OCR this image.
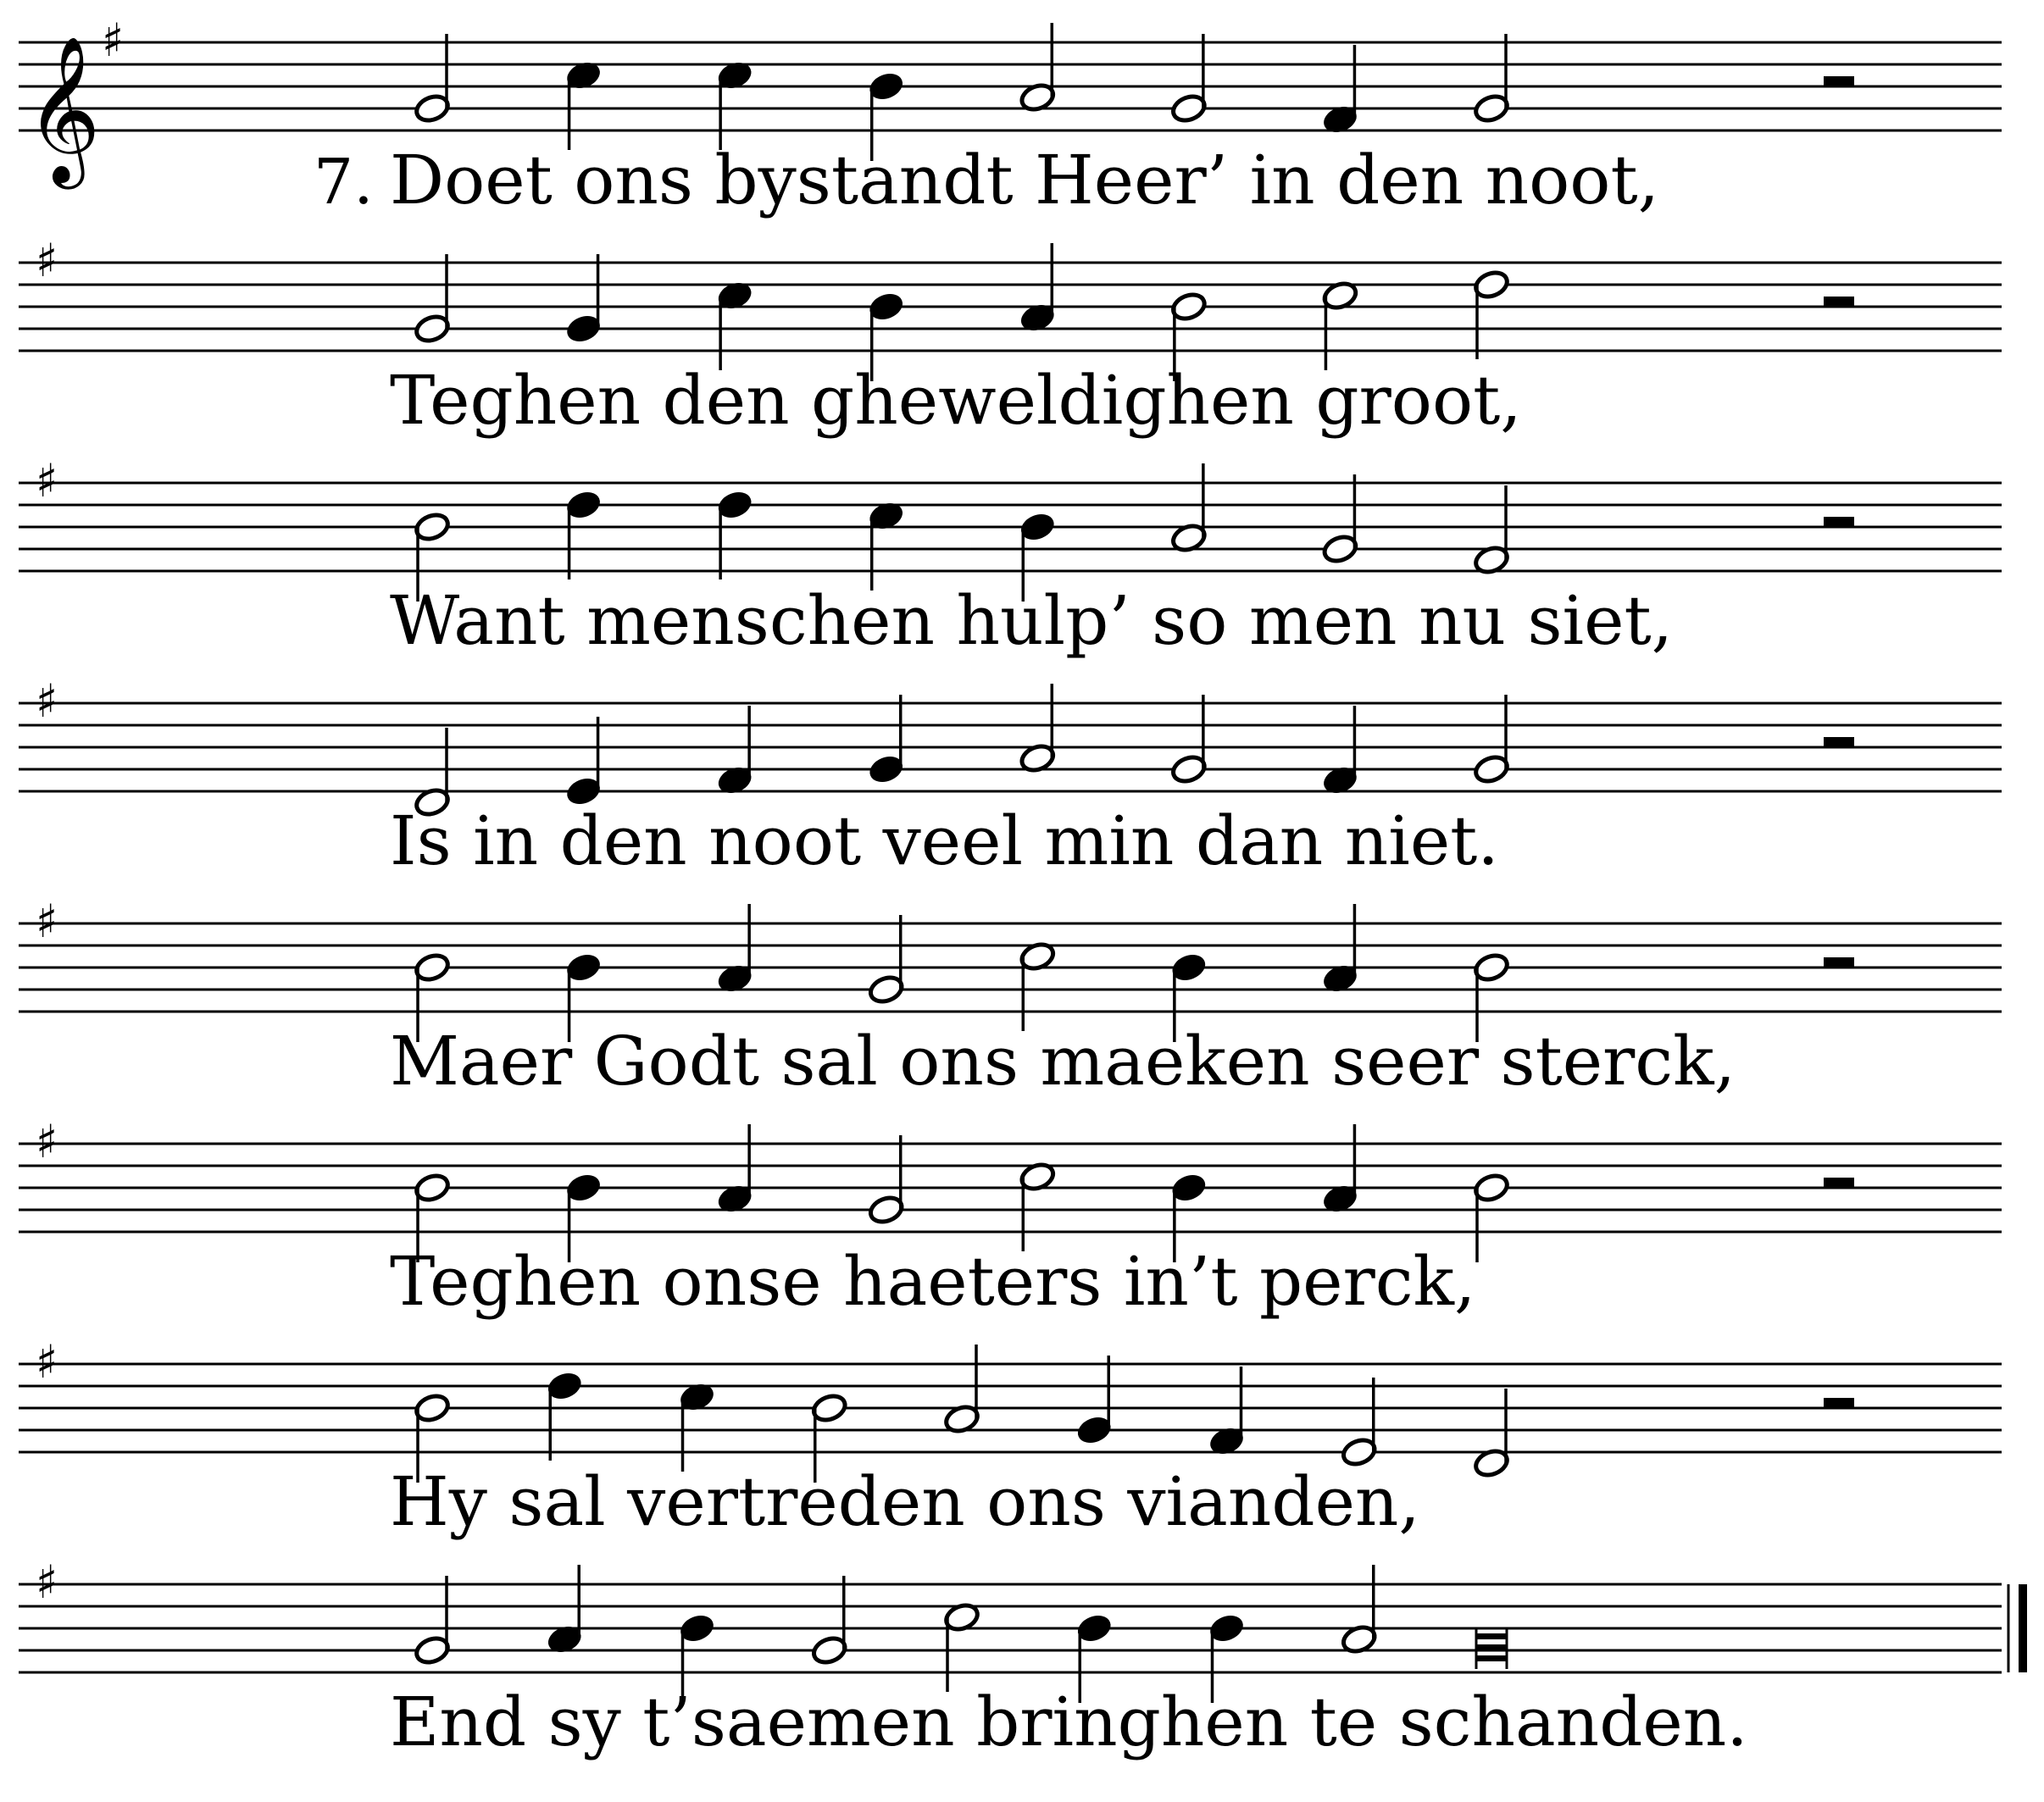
𝄞 ♯
7. Doet ons bystandt Heer’ in den noot,
♯
Teghen den gheweldighen groot,
♯
Want menschen hulp’ so men nu siet,
♯
Is in den noot veel min dan niet.
♯
Maer Godt sal ons maeken seer sterck,
♯
Teghen onse haeters in’t perck,
♯
Hy sal vertreden ons vianden,
♯
End sy t’saemen bringhen te schanden.
